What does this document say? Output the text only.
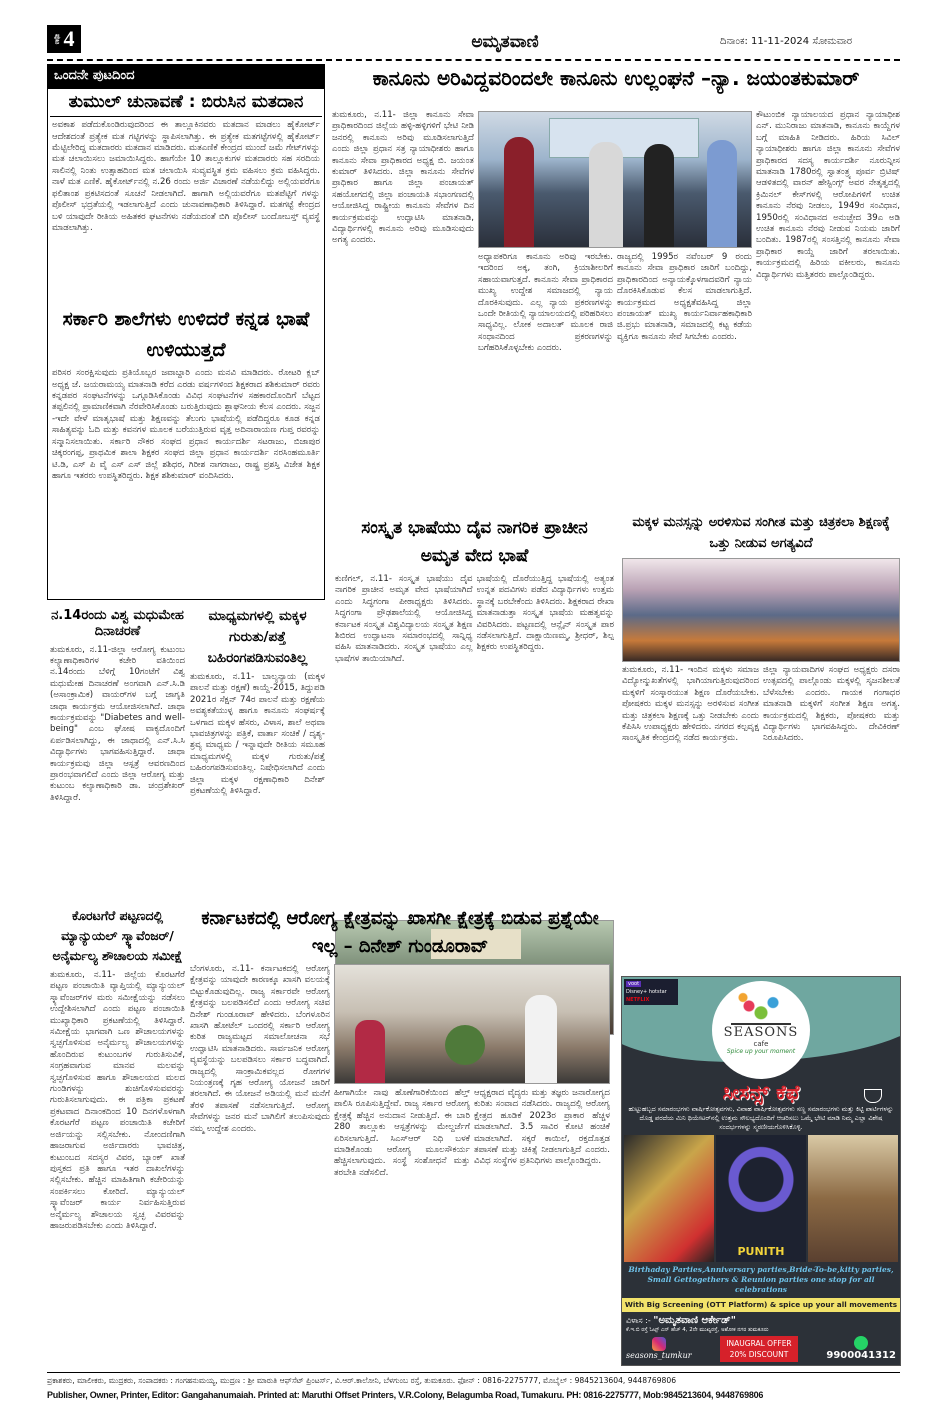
ಪುಟ 4	ಅಮೃತವಾಣಿ	ದಿನಾಂಕ: 11-11-2024 ಸೋಮವಾರ
ಒಂದನೇ ಪುಟದಿಂದ
ತುಮುಲ್ ಚುನಾವಣೆ : ಬಿರುಸಿನ ಮತದಾನ
ಅವಕಾಶ ಪಡೆದುಕೊಂಡಿರುವುದರಿಂದ ಈ ತಾಲ್ಲೂಕಿನವರು ಮತದಾನ ಮಾಡಲು ಹೈಕೋರ್ಟ್ ಆದೇಶದಂತೆ ಪ್ರತ್ಯೇಕ ಮತ ಗಟ್ಟಿಗಳನ್ನು ಸ್ಥಾಪಿಸಲಾಗಿತ್ತು. ಈ ಪ್ರತ್ಯೇಕ ಮತಗಟ್ಟೆಗಳಲ್ಲಿ ಹೈಕೋರ್ಟ್ ಮೆಟ್ಟಿಲೇರಿದ್ದ ಮತದಾರರು ಮತದಾನ ಮಾಡಿದರು. ಮತಎಣಿಕೆ ಕೇಂದ್ರದ ಮುಂದೆ ಜಮೆ ಗೇಟ್‌ಗಳನ್ನು ಮತ ಚಲಾಯಿಸಲು ಜಮಾಯಿಸಿದ್ದರು. ಹಾಗೆಯೇ 10 ತಾಲ್ಲೂಕುಗಳ ಮತದಾರರು ಸಹ ಸರದಿಯ ಸಾಲಿನಲ್ಲಿ ನಿಂತು ಉತ್ಸಾಹದಿಂದ ಮತ ಚಲಾಯಿಸಿ ಸುವ್ಯವಸ್ಥಿತ ಕ್ರಮ ವಹಿಸಲು ಕ್ರಮ ವಹಿಸಿದ್ದರು. ನಾಳೆ ಮತ ಎಣಿಕೆ. ಹೈಕೋರ್ಟ್‌ನಲ್ಲಿ ನ.26 ರಂದು ಅರ್ಜಿ ವಿಚಾರಣೆ ನಡೆಯಲಿದ್ದು ಅಲ್ಲಿಯವರೆಗೂ ಫಲಿತಾಂಶ ಪ್ರಕಟಿಸದಂತೆ ಸೂಚನೆ ನೀಡಲಾಗಿದೆ. ಹಾಗಾಗಿ ಅಲ್ಲಿಯವರೆಗೂ ಮತಪೆಟ್ಟಿಗೆ ಗಳನ್ನು ಪೊಲೀಸ್ ಭದ್ರತೆಯಲ್ಲಿ ಇಡಲಾಗುತ್ತಿದೆ ಎಂದು ಚುನಾವಣಾಧಿಕಾರಿ ತಿಳಿಸಿದ್ದಾರೆ. ಮತಗಟ್ಟೆ ಕೇಂದ್ರದ ಬಳಿ ಯಾವುದೇ ರೀತಿಯ ಅಹಿತಕರ ಘಟನೆಗಳು ನಡೆಯದಂತೆ ಬಿಗಿ ಪೊಲೀಸ್ ಬಂದೋಬಸ್ತ್ ವ್ಯವಸ್ಥೆ ಮಾಡಲಾಗಿತ್ತು.
ಸರ್ಕಾರಿ ಶಾಲೆಗಳು ಉಳಿದರೆ ಕನ್ನಡ ಭಾಷೆ ಉಳಿಯುತ್ತದೆ
ಪರಿಸರ ಸಂರಕ್ಷಿಸುವುದು ಪ್ರತಿಯೊಬ್ಬರ ಜವಾಬ್ದಾರಿ ಎಂದು ಮನವಿ ಮಾಡಿದರು. ರೋಟರಿ ಕ್ಲಬ್ ಅಧ್ಯಕ್ಷ ಜೆ. ಜಯರಾಮಯ್ಯ ಮಾತನಾಡಿ ಕರೆದ ಎರಡು ವರ್ಷಗಳಿಂದ ಶಿಕ್ಷಕರಾದ ಶಶಿಕುಮಾರ್ ರವರು ಕನ್ನಡಪರ ಸಂಘಟನೆಗಳನ್ನು ಒಗ್ಗೂಡಿಸಿಕೊಂಡು ವಿವಿಧ ಸಂಘಟನೆಗಳ ಸಹಕಾರದೊಂದಿಗೆ ಬೆಟ್ಟದ ತಪ್ಪಲಿನಲ್ಲಿ ಪ್ರಾಮಾಣಿಕವಾಗಿ ನೆರವೇರಿಸಿಕೊಂಡು ಬರುತ್ತಿರುವುದು ಶ್ಲಾಘನೀಯ ಕೆಲಸ ಎಂದರು. ಸಜ್ಜನ -ಇದೇ ವೇಳೆ ಮಾತೃಭಾಷೆ ಮತ್ತು ಶಿಕ್ಷಣವನ್ನು ತೆಲುಗು ಭಾಷೆಯಲ್ಲಿ ಪಡೆದಿದ್ದರೂ ಕೂಡ ಕನ್ನಡ ಸಾಹಿತ್ಯವನ್ನು ಓದಿ ಮತ್ತು ಕವನಗಳ ಮೂಲಕ ಬರೆಯುತ್ತಿರುವ ವೃತ್ತ ಅದಿನಾರಾಯಣ ಗುಪ್ತ ರವರನ್ನು ಸನ್ಮಾನಿಸಲಾಯಿತು. ಸರ್ಕಾರಿ ನೌಕರ ಸಂಘದ ಪ್ರಧಾನ ಕಾರ್ಯದರ್ಶಿ ಸಟರಾಜು, ಬಿಜಾಪುರ ಚಿಕ್ಕರಂಗಪ್ಪ, ಪ್ರಾಥಮಿಕ ಶಾಲಾ ಶಿಕ್ಷಕರ ಸಂಘದ ಜಿಲ್ಲಾ ಪ್ರಧಾನ ಕಾರ್ಯದರ್ಶಿ ನರಸಿಂಹಮೂರ್ತಿ ಟಿ.ಡಿ, ಎಸ್ ಪಿ ವೈ ಎಸ್ ಎಸ್ ಜಿಲ್ಲೆ ಶಶಿಧರ, ಗಿರೀಶ ನಾಗರಾಜು, ರಾಷ್ಟ್ರ ಪ್ರಶಸ್ತಿ ವಿಜೇತ ಶಿಕ್ಷಕ ಹಾಗೂ ಇತರರು ಉಪಸ್ಥಿತರಿದ್ದರು. ಶಿಕ್ಷಕ ಶಶಿಕುಮಾರ್ ವಂದಿಸಿದರು.
ನ.14ರಂದು ವಿಶ್ವ ಮಧುಮೇಹ ದಿನಾಚರಣೆ
ತುಮಕೂರು, ನ.11-ಜಿಲ್ಲಾ ಆರೋಗ್ಯ ಕುಟುಂಬ ಕಲ್ಯಾಣಾಧಿಕಾರಿಗಳ ಕಚೇರಿ ವತಿಯಿಂದ ನ.14ರಂದು ಬೆಳಿಗ್ಗೆ 10ಗಂಟೆಗೆ ವಿಶ್ವ ಮಧುಮೇಹ ದಿನಾಚರಣೆ ಅಂಗವಾಗಿ ಎನ್.ಸಿ.ಡಿ (ಅಸಾಂಕ್ರಾಮಿಕ) ವಾಯರ್‌ಗಳ ಬಗ್ಗೆ ಜಾಗೃತಿ ಜಾಥಾ ಕಾರ್ಯಕ್ರಮ ಆಯೋಜಿಸಲಾಗಿದೆ. ಜಾಥಾ ಕಾರ್ಯಕ್ರಮವನ್ನು "Diabetes and well-being" ಎಂಬ ಘೋಷ ವಾಕ್ಯದೊಂದಿಗೆ ಏರ್ಪಡಿಸಲಾಗಿದ್ದು, ಈ ಜಾಥಾದಲ್ಲಿ ಎನ್.ಸಿ.ಸಿ ವಿದ್ಯಾರ್ಥಿಗಳು ಭಾಗವಹಿಸುತ್ತಿದ್ದಾರೆ. ಜಾಥಾ ಕಾರ್ಯಕ್ರಮವು ಜಿಲ್ಲಾ ಆಸ್ಪತ್ರೆ ಆವರಣದಿಂದ ಪ್ರಾರಂಭವಾಗಲಿದೆ ಎಂದು ಜಿಲ್ಲಾ ಆರೋಗ್ಯ ಮತ್ತು ಕುಟುಂಬ ಕಲ್ಯಾಣಾಧಿಕಾರಿ ಡಾ. ಚಂದ್ರಶೇಖರ್ ತಿಳಿಸಿದ್ದಾರೆ.
ಮಾಧ್ಯಮಗಳಲ್ಲಿ ಮಕ್ಕಳ ಗುರುತು/ಪತ್ತೆ ಬಹಿರಂಗಪಡಿಸುವಂತಿಲ್ಲ
ತುಮಕೂರು, ನ.11- ಬಾಲ್ಯನ್ಯಾಯ (ಮಕ್ಕಳ ಪಾಲನೆ ಮತ್ತು ರಕ್ಷಣೆ) ಕಾಯ್ದೆ-2015, ತಿದ್ದುಪಡಿ 2021ರ ಸೆಕ್ಷನ್ 74ರ ಪಾಲನೆ ಮತ್ತು ರಕ್ಷಣೆಯ ಅವಶ್ಯಕತೆಯುಳ್ಳ ಹಾಗೂ ಕಾನೂನು ಸಂಘರ್ಷಕ್ಕೆ ಒಳಗಾದ ಮಕ್ಕಳ ಹೆಸರು, ವಿಳಾಸ, ಶಾಲೆ ಅಥವಾ ಭಾವಚಿತ್ರಗಳನ್ನು ಪತ್ರಿಕೆ, ವಾರ್ತಾ ಸಂಚಿಕೆ / ದೃಶ್ಯ-ಶ್ರವ್ಯ ಮಾಧ್ಯಮ / ಇನ್ನಾವುದೇ ರೀತಿಯ ಸಮೂಹ ಮಾಧ್ಯಮಗಳಲ್ಲಿ ಮಕ್ಕಳ ಗುರುತು/ಪತ್ತೆ ಬಹಿರಂಗಪಡಿಸುವಂತಿಲ್ಲ. ನಿಷೇಧಿಸಲಾಗಿದೆ ಎಂದು ಜಿಲ್ಲಾ ಮಕ್ಕಳ ರಕ್ಷಣಾಧಿಕಾರಿ ದಿನೇಶ್ ಪ್ರಕಟಣೆಯಲ್ಲಿ ತಿಳಿಸಿದ್ದಾರೆ.
ಕೊರಟಗೆರೆ ಪಟ್ಟಣದಲ್ಲಿ ಮ್ಯಾನ್ಯುಯಲ್ ಸ್ಕ್ಯಾವೆಂಜರ್/ ಅನೈರ್ಮಲ್ಯ ಶೌಚಾಲಯ ಸಮೀಕ್ಷೆ
ತುಮಕೂರು, ನ.11- ಜಿಲ್ಲೆಯ ಕೊರಟಗೆರೆ ಪಟ್ಟಣ ಪಂಚಾಯಿತಿ ವ್ಯಾಪ್ತಿಯಲ್ಲಿ ಮ್ಯಾನ್ಯುಯಲ್ ಸ್ಕ್ಯಾವೆಂಜರ್‌ಗಳ ಮರು ಸಮೀಕ್ಷೆಯನ್ನು ನಡೆಸಲು ಉದ್ದೇಶಿಸಲಾಗಿದೆ ಎಂದು ಪಟ್ಟಣ ಪಂಚಾಯಿತಿ ಮುಖ್ಯಾಧಿಕಾರಿ ಪ್ರಕಟಣೆಯಲ್ಲಿ ತಿಳಿಸಿದ್ದಾರೆ. ಸಮೀಕ್ಷೆಯ ಭಾಗವಾಗಿ ಒಣ ಶೌಚಾಲಯಗಳನ್ನು ಸ್ವಚ್ಛಗೊಳಿಸುವ ಅನೈರ್ಮಲ್ಯ ಶೌಚಾಲಯಗಳನ್ನು ಹೊಂದಿರುವ ಕುಟುಂಬಗಳ ಗುರುತಿಸುವಿಕೆ, ಸಂಗ್ರಹವಾಗುವ ಮಾನವ ಮಲವನ್ನು ಸ್ವಚ್ಛಗೊಳಿಸುವ ಹಾಗೂ ಶೌಚಾಲಯದ ಮಲದ ಗುಂಡಿಗಳನ್ನು ಶುಚಿಗೊಳಿಸುವವರನ್ನು ಗುರುತಿಸಲಾಗುವುದು. ಈ ಪತ್ರಿಕಾ ಪ್ರಕಟಣೆ ಪ್ರಕಟವಾದ ದಿನಾಂಕದಿಂದ 10 ದಿನಗಳೊಳಗಾಗಿ ಕೊರಟಗೆರೆ ಪಟ್ಟಣ ಪಂಚಾಯಿತಿ ಕಚೇರಿಗೆ ಅರ್ಜಿಯನ್ನು ಸಲ್ಲಿಸಬೇಕು. ನೋಂದಣಿಗಾಗಿ ಹಾಜರಾಗುವ ಅರ್ಜಿದಾರರು ಭಾವಚಿತ್ರ, ಕುಟುಂಬದ ಸದಸ್ಯರ ವಿವರ, ಬ್ಯಾಂಕ್ ಖಾತೆ ಪುಸ್ತಕದ ಪ್ರತಿ ಹಾಗೂ ಇತರ ದಾಖಲೆಗಳನ್ನು ಸಲ್ಲಿಸಬೇಕು. ಹೆಚ್ಚಿನ ಮಾಹಿತಿಗಾಗಿ ಕಚೇರಿಯನ್ನು ಸಂಪರ್ಕಿಸಲು ಕೋರಿದೆ. ಮ್ಯಾನ್ಯುಯಲ್ ಸ್ಕ್ಯಾವೆಂಜರ್ ಕಾರ್ಯ ನಿರ್ವಹಿಸುತ್ತಿರುವ ಅನೈರ್ಮಲ್ಯ ಶೌಚಾಲಯ ಸ್ವಚ್ಛ ವಿವರವನ್ನು ಹಾಜರುಪಡಿಸಬೇಕು ಎಂದು ತಿಳಿಸಿದ್ದಾರೆ.
ಕಾನೂನು ಅರಿವಿದ್ದವರಿಂದಲೇ ಕಾನೂನು ಉಲ್ಲಂಘನೆ –ನ್ಯಾ. ಜಯಂತಕುಮಾರ್
ತುಮಕೂರು, ನ.11- ಜಿಲ್ಲಾ ಕಾನೂನು ಸೇವಾ ಪ್ರಾಧಿಕಾರದಿಂದ ಜಿಲ್ಲೆಯ ಹಳ್ಳಿ-ಹಳ್ಳಿಗಳಿಗೆ ಭೇಟಿ ನೀಡಿ ಜನರಲ್ಲಿ ಕಾನೂನು ಅರಿವು ಮೂಡಿಸಲಾಗುತ್ತಿದೆ ಎಂದು ಜಿಲ್ಲಾ ಪ್ರಧಾನ ಸತ್ರ ನ್ಯಾಯಾಧೀಶರು ಹಾಗೂ ಕಾನೂನು ಸೇವಾ ಪ್ರಾಧಿಕಾರದ ಅಧ್ಯಕ್ಷ ಬಿ. ಜಯಂತ ಕುಮಾರ್ ತಿಳಿಸಿದರು. ಜಿಲ್ಲಾ ಕಾನೂನು ಸೇವೆಗಳ ಪ್ರಾಧಿಕಾರ ಹಾಗೂ ಜಿಲ್ಲಾ ಪಂಚಾಯತ್ ಸಹಯೋಗದಲ್ಲಿ ಜಿಲ್ಲಾ ಪಂಚಾಯತಿ ಸಭಾಂಗಣದಲ್ಲಿ ಆಯೋಜಿಸಿದ್ದ ರಾಷ್ಟ್ರೀಯ ಕಾನೂನು ಸೇವೆಗಳ ದಿನ ಕಾರ್ಯಕ್ರಮವನ್ನು ಉದ್ಘಾಟಿಸಿ ಮಾತನಾಡಿ, ವಿದ್ಯಾರ್ಥಿಗಳಲ್ಲಿ ಕಾನೂನು ಅರಿವು ಮೂಡಿಸುವುದು ಅಗತ್ಯ ಎಂದರು.
ಅಧ್ಯಾಪಕರಿಗೂ ಕಾನೂನು ಅರಿವು ಇರಬೇಕು. ಇದರಿಂದ ಅಕ್ಕ, ತಂಗಿ, ಕ್ರಿಯಾಶೀಲರಿಗೆ ಸಹಾಯವಾಗುತ್ತದೆ. ಕಾನೂನು ಸೇವಾ ಪ್ರಾಧಿಕಾರದ ಮುಖ್ಯ ಉದ್ದೇಶ ಸಮಾಜದಲ್ಲಿ ನ್ಯಾಯ ದೊರಕಿಸುವುದು. ಎಲ್ಲ ನ್ಯಾಯ ಪ್ರಕರಣಗಳನ್ನು ಒಂದೇ ರೀತಿಯಲ್ಲಿ ನ್ಯಾಯಾಲಯದಲ್ಲಿ ಪರಿಹರಿಸಲು ಸಾಧ್ಯವಿಲ್ಲ. ಲೋಕ ಅದಾಲತ್ ಮೂಲಕ ರಾಜಿ ಸಂಧಾನದಿಂದ ಪ್ರಕರಣಗಳನ್ನು ಬಗೆಹರಿಸಿಕೊಳ್ಳಬೇಕು ಎಂದರು.
ರಾಜ್ಯದಲ್ಲಿ 1995ರ ನವೆಂಬರ್ 9 ರಂದು ಕಾನೂನು ಸೇವಾ ಪ್ರಾಧಿಕಾರ ಜಾರಿಗೆ ಬಂದಿದ್ದು, ಪ್ರಾಧಿಕಾರದಿಂದ ಅನ್ಯಾಯಕ್ಕೊಳಗಾದವರಿಗೆ ನ್ಯಾಯ ದೊರಕಿಸಿಕೊಡುವ ಕೆಲಸ ಮಾಡಲಾಗುತ್ತಿದೆ. ಕಾರ್ಯಕ್ರಮದ ಅಧ್ಯಕ್ಷತೆವಹಿಸಿದ್ದ ಜಿಲ್ಲಾ ಪಂಚಾಯತ್ ಮುಖ್ಯ ಕಾರ್ಯನಿರ್ವಾಹಕಾಧಿಕಾರಿ ಜಿ.ಪ್ರಭು ಮಾತನಾಡಿ, ಸಮಾಜದಲ್ಲಿ ಕಟ್ಟ ಕಡೆಯ ವ್ಯಕ್ತಿಗೂ ಕಾನೂನು ಸೇವೆ ಸಿಗಬೇಕು ಎಂದರು.
ಕೌಟುಂಬಿಕ ನ್ಯಾಯಾಲಯದ ಪ್ರಧಾನ ನ್ಯಾಯಾಧೀಶ ಎನ್. ಮುನಿರಾಜು ಮಾತನಾಡಿ, ಕಾನೂನು ಕಾಯ್ದೆಗಳ ಬಗ್ಗೆ ಮಾಹಿತಿ ನೀಡಿದರು. ಹಿರಿಯ ಸಿವಿಲ್ ನ್ಯಾಯಾಧೀಶರು ಹಾಗೂ ಜಿಲ್ಲಾ ಕಾನೂನು ಸೇವೆಗಳ ಪ್ರಾಧಿಕಾರದ ಸದಸ್ಯ ಕಾರ್ಯದರ್ಶಿ ನೂರುನ್ನೀಸ ಮಾತನಾಡಿ 1780ರಲ್ಲಿ ಸ್ವಾತಂತ್ರ್ಯ ಪೂರ್ವ ಬ್ರಿಟಿಷ್ ಆಡಳಿತದಲ್ಲಿ ವಾರನ್ ಹೇಸ್ಟಿಂಗ್ಸ್ ಅವರ ನೇತೃತ್ವದಲ್ಲಿ ಕ್ರಿಮಿನಲ್ ಕೇಸ್‌ಗಳಲ್ಲಿ ಆರೋಪಿಗಳಿಗೆ ಉಚಿತ ಕಾನೂನು ನೆರವು ನೀಡಲು, 1949ರ ಸಂವಿಧಾನ, 1950ರಲ್ಲಿ ಸಂವಿಧಾನದ ಅನುಚ್ಛೇದ 39ಎ ಅಡಿ ಉಚಿತ ಕಾನೂನು ನೆರವು ನೀಡುವ ನಿಯಮ ಜಾರಿಗೆ ಬಂದಿತು. 1987ರಲ್ಲಿ ಸಂಸತ್ತಿನಲ್ಲಿ ಕಾನೂನು ಸೇವಾ ಪ್ರಾಧಿಕಾರ ಕಾಯ್ದೆ ಜಾರಿಗೆ ತರಲಾಯಿತು. ಕಾರ್ಯಕ್ರಮದಲ್ಲಿ ಹಿರಿಯ ವಕೀಲರು, ಕಾನೂನು ವಿದ್ಯಾರ್ಥಿಗಳು ಮತ್ತಿತರರು ಪಾಲ್ಗೊಂಡಿದ್ದರು.
ಸಂಸ್ಕೃತ ಭಾಷೆಯು ದೈವ ನಾಗರಿಕ ಪ್ರಾಚೀನ ಅಮೃತ ವೇದ ಭಾಷೆ
ಕುಣಿಗಲ್, ನ.11- ಸಂಸ್ಕೃತ ಭಾಷೆಯು ದೈವ ನಾಗರಿಕ ಪ್ರಾಚೀನ ಅಮೃತ ವೇದ ಭಾಷೆಯಾಗಿದೆ ಎಂದು ಸಿದ್ಧಗಂಗಾ ಪೀಠಾಧ್ಯಕ್ಷರು ತಿಳಿಸಿದರು. ಸಿದ್ಧಗಂಗಾ ಪ್ರೌಢಶಾಲೆಯಲ್ಲಿ ಆಯೋಜಿಸಿದ್ದ ಕರ್ನಾಟಕ ಸಂಸ್ಕೃತ ವಿಶ್ವವಿದ್ಯಾಲಯ ಸಂಸ್ಕೃತ ಶಿಕ್ಷಣ ಶಿಬಿರದ ಉದ್ಘಾಟನಾ ಸಮಾರಂಭದಲ್ಲಿ ಸಾನ್ನಿಧ್ಯ ವಹಿಸಿ ಮಾತನಾಡಿದರು. ಸಂಸ್ಕೃತ ಭಾಷೆಯು ಎಲ್ಲ ಭಾಷೆಗಳ ತಾಯಿಯಾಗಿದೆ.
ಭಾಷೆಯಲ್ಲಿ ದೊರೆಯುತ್ತಿದ್ದ ಭಾಷೆಯಲ್ಲಿ ಅತ್ಯಂತ ಉನ್ನತ ಪದವಿಗಳು ಪಡೆದ ವಿದ್ಯಾರ್ಥಿಗಳು ಉತ್ತಮ ಸ್ಥಾನಕ್ಕೆ ಬರಬೇಕೆಂದು ತಿಳಿಸಿದರು. ಶಿಕ್ಷಕರಾದ ರೇಖಾ ಮಾತನಾಡುತ್ತಾ ಸಂಸ್ಕೃತ ಭಾಷೆಯ ಮಹತ್ವವನ್ನು ವಿವರಿಸಿದರು. ಪಟ್ಟಣದಲ್ಲಿ ಆನ್ಲೈನ್ ಸಂಸ್ಕೃತ ಪಾಠ ನಡೆಸಲಾಗುತ್ತಿದೆ. ದಾಕ್ಷಾಯಿಣಮ್ಮ, ಶ್ರೀಧರ್, ಶಿಲ್ಪ ಶಿಕ್ಷಕರು ಉಪಸ್ಥಿತರಿದ್ದರು.
ಮಕ್ಕಳ ಮನಸ್ಸನ್ನು ಅರಳಿಸುವ ಸಂಗೀತ ಮತ್ತು ಚಿತ್ರಕಲಾ ಶಿಕ್ಷಣಕ್ಕೆ ಒತ್ತು ನೀಡುವ ಅಗತ್ಯವಿದೆ
ತುಮಕೂರು, ನ.11- ಇಂದಿನ ಮಕ್ಕಳು ಸಮಾಜ ವಿದ್ಯೋನ್ಮುಖತೆಗಳಲ್ಲಿ ಭಾಗಿಯಾಗುತ್ತಿರುವುದರಿಂದ ಮಕ್ಕಳಿಗೆ ಸಂಸ್ಕಾರಯುತ ಶಿಕ್ಷಣ ದೊರೆಯಬೇಕು. ಪೋಷಕರು ಮಕ್ಕಳ ಮನಸ್ಸನ್ನು ಅರಳಿಸುವ ಸಂಗೀತ ಮತ್ತು ಚಿತ್ರಕಲಾ ಶಿಕ್ಷಣಕ್ಕೆ ಒತ್ತು ನೀಡಬೇಕು ಎಂದು ಕೆಪಿಸಿಸಿ ಉಪಾಧ್ಯಕ್ಷರು ಹೇಳಿದರು. ನಗರದ ಕಲ್ಪವೃಕ್ಷ ಸಾಂಸ್ಕೃತಿಕ ಕೇಂದ್ರದಲ್ಲಿ ನಡೆದ ಕಾರ್ಯಕ್ರಮ.
ಜಿಲ್ಲಾ ನ್ಯಾಯವಾದಿಗಳ ಸಂಘದ ಅಧ್ಯಕ್ಷರು ದಸರಾ ಉತ್ಸವದಲ್ಲಿ ಪಾಲ್ಗೊಂಡು ಮಕ್ಕಳಲ್ಲಿ ಸೃಜನಶೀಲತೆ ಬೆಳೆಸಬೇಕು ಎಂದರು. ಗಾಯಕ ಗಂಗಾಧರ ಮಾತನಾಡಿ ಮಕ್ಕಳಿಗೆ ಸಂಗೀತ ಶಿಕ್ಷಣ ಅಗತ್ಯ. ಕಾರ್ಯಕ್ರಮದಲ್ಲಿ ಶಿಕ್ಷಕರು, ಪೋಷಕರು ಮತ್ತು ವಿದ್ಯಾರ್ಥಿಗಳು ಭಾಗವಹಿಸಿದ್ದರು. ದೇವಿಕಿರಣ್ ನಿರೂಪಿಸಿದರು.
ಕರ್ನಾಟಕದಲ್ಲಿ ಆರೋಗ್ಯ ಕ್ಷೇತ್ರವನ್ನು ಖಾಸಗೀ ಕ್ಷೇತ್ರಕ್ಕೆ ಬಿಡುವ ಪ್ರಶ್ನೆಯೇ ಇಲ್ಲ – ದಿನೇಶ್ ಗುಂಡೂರಾವ್
ಬೆಂಗಳೂರು, ನ.11- ಕರ್ನಾಟಕದಲ್ಲಿ ಆರೋಗ್ಯ ಕ್ಷೇತ್ರವನ್ನು ಯಾವುದೇ ಕಾರಣಕ್ಕೂ ಖಾಸಗಿ ವಲಯಕ್ಕೆ ಬಿಟ್ಟುಕೊಡುವುದಿಲ್ಲ. ರಾಜ್ಯ ಸರ್ಕಾರವೇ ಆರೋಗ್ಯ ಕ್ಷೇತ್ರವನ್ನು ಬಲಪಡಿಸಲಿದೆ ಎಂದು ಆರೋಗ್ಯ ಸಚಿವ ದಿನೇಶ್ ಗುಂಡೂರಾವ್ ಹೇಳಿದರು. ಬೆಂಗಳೂರಿನ ಖಾಸಗಿ ಹೋಟೆಲ್ ಒಂದರಲ್ಲಿ ಸರ್ಕಾರಿ ಆರೋಗ್ಯ ಕುರಿತ ರಾಜ್ಯಮಟ್ಟದ ಸಮಾಲೋಚನಾ ಸಭೆ ಉದ್ಘಾಟಿಸಿ ಮಾತನಾಡಿದರು. ಸಾರ್ವಜನಿಕ ಆರೋಗ್ಯ ವ್ಯವಸ್ಥೆಯನ್ನು ಬಲಪಡಿಸಲು ಸರ್ಕಾರ ಬದ್ಧವಾಗಿದೆ. ರಾಜ್ಯದಲ್ಲಿ ಸಾಂಕ್ರಾಮಿಕವಲ್ಲದ ರೋಗಗಳ ನಿಯಂತ್ರಣಕ್ಕೆ ಗೃಹ ಆರೋಗ್ಯ ಯೋಜನೆ ಜಾರಿಗೆ ತರಲಾಗಿದೆ. ಈ ಯೋಜನೆ ಅಡಿಯಲ್ಲಿ ಮನೆ ಮನೆಗೆ ತೆರಳಿ ತಪಾಸಣೆ ನಡೆಸಲಾಗುತ್ತಿದೆ. ಆರೋಗ್ಯ ಸೇವೆಗಳನ್ನು ಜನರ ಮನೆ ಬಾಗಿಲಿಗೆ ತಲುಪಿಸುವುದು ನಮ್ಮ ಉದ್ದೇಶ ಎಂದರು.
ಹೀಗಾಗಿಯೇ ನಾವು ಹೊಣೆಗಾರಿಕೆಯಿಂದ ಹೆಲ್ತ್ ಪಾಲಿಸಿ ರೂಪಿಸುತ್ತಿದ್ದೇವೆ. ರಾಜ್ಯ ಸರ್ಕಾರ ಆರೋಗ್ಯ ಕ್ಷೇತ್ರಕ್ಕೆ ಹೆಚ್ಚಿನ ಅನುದಾನ ನೀಡುತ್ತಿದೆ. ಈ ಬಾರಿ 280 ತಾಲ್ಲೂಕು ಆಸ್ಪತ್ರೆಗಳನ್ನು ಮೇಲ್ದರ್ಜೆಗೆ ಏರಿಸಲಾಗುತ್ತಿದೆ. ಸಿಎಸ್ಆರ್ ನಿಧಿ ಬಳಕೆ ಮಾಡಿಕೊಂಡು ಆರೋಗ್ಯ ಮೂಲಸೌಕರ್ಯ ಹೆಚ್ಚಿಸಲಾಗುವುದು. ಸಂಸ್ಥೆ ಸಂಶೋಧನೆ ಮತ್ತು ತರಬೇತಿ ನಡೆಸಲಿದೆ.
ಆಧ್ಯಕ್ಷರಾದ ವೈದ್ಯರು ಮತ್ತು ತಜ್ಞರು ಜನಾರೋಗ್ಯದ ಕುರಿತು ಸಂವಾದ ನಡೆಸಿದರು. ರಾಜ್ಯದಲ್ಲಿ ಆರೋಗ್ಯ ಕ್ಷೇತ್ರದ ಹೂಡಿಕೆ 2023ರ ಪ್ರಾಕಾರ ಹೆಚ್ಚಳ ಮಾಡಲಾಗಿದೆ. 3.5 ಸಾವಿರ ಕೋಟಿ ಹಂಚಿಕೆ ಮಾಡಲಾಗಿದೆ. ಸಕ್ಕರೆ ಕಾಯಿಲೆ, ರಕ್ತದೊತ್ತಡ ತಪಾಸಣೆ ಮತ್ತು ಚಿಕಿತ್ಸೆ ನೀಡಲಾಗುತ್ತಿದೆ ಎಂದರು. ವಿವಿಧ ಸಂಸ್ಥೆಗಳ ಪ್ರತಿನಿಧಿಗಳು ಪಾಲ್ಗೊಂಡಿದ್ದರು.
voot
Disney+ hotstar
NETFLIX
SEASONS
cafe
Spice up your moment
ಸೀಸನ್ಸ್ ಕೆಫೆ
ಹುಟ್ಟುಹಬ್ಬದ ಸಮಾರಂಭಗಳು ವಾರ್ಷಿಕೋತ್ಸವಗಳು, ವಿವಾಹ ವಾರ್ಷಿಕೋತ್ಸವಗಳು ಸಣ್ಣ ಸಮಾರಂಭಗಳು ಮತ್ತು ಕಿಟ್ಟಿ ಪಾರ್ಟಿಗಳನ್ನು ದೊಡ್ಡ ಪರದೆಯ ಮಿನಿ ಥಿಯೇಟರ್‌ನಲ್ಲಿ ಉತ್ತಮ ಸೌಲಭ್ಯದೊಂದಿಗೆ ಆಚರಿಸಲು ಒಮ್ಮೆ ಭೇಟಿ ಮಾಡಿ ನಿಮ್ಮ ಎಲ್ಲಾ ವಿಶೇಷ ಸಂದರ್ಭಗಳನ್ನು ಸ್ಮರಣೀಯಗೊಳಿಸಿಕೊಳ್ಳಿ.
PUNITH
Birthaday Parties,Anniversary parties,Bride-To-be,kitty parties, Small Gettogethers & Reunion parties one stop for all celebrations
With Big Screening (OTT Platform) & spice up your all movements
ವಿಳಾಸ :- "ಅಮೃತವಾಣಿ ಆರ್ಕೇಡ್"
ಕೆ.ಇ.ಬಿ ರಸ್ತೆ ಓಟ್ಸ್ ಎನ್ ಹೆಚ್ 4, 2ನೇ ಮುಖ್ಯರಸ್ತೆ, ಅಶೋಕ ನಗರ ತುಮಕೂರು
seasons_tumkur
INAUGRAL OFFER
20% DISCOUNT	9900041312
ಪ್ರಕಾಶಕರು, ಮಾಲೀಕರು, ಮುದ್ರಕರು, ಸಂಪಾದಕರು : ಗಂಗಹನುಮಯ್ಯ, ಮುದ್ರಣ : ಶ್ರೀ ಮಾರುತಿ ಆಫ್‌ಸೆಟ್ ಪ್ರಿಂಟರ್ಸ್, ವಿ.ಆರ್.ಕಾಲೋನಿ, ಬೆಳಗುಂಬ ರಸ್ತೆ, ತುಮಕೂರು. ಫೋನ್ : 0816-2275777, ಮೊಬೈಲ್ : 9845213604, 9448769806
Publisher, Owner, Printer, Editor: Gangahanumaiah. Printed at: Maruthi Offset Printers, V.R.Colony, Belagumba Road, Tumakuru. PH: 0816-2275777, Mob:9845213604, 9448769806
